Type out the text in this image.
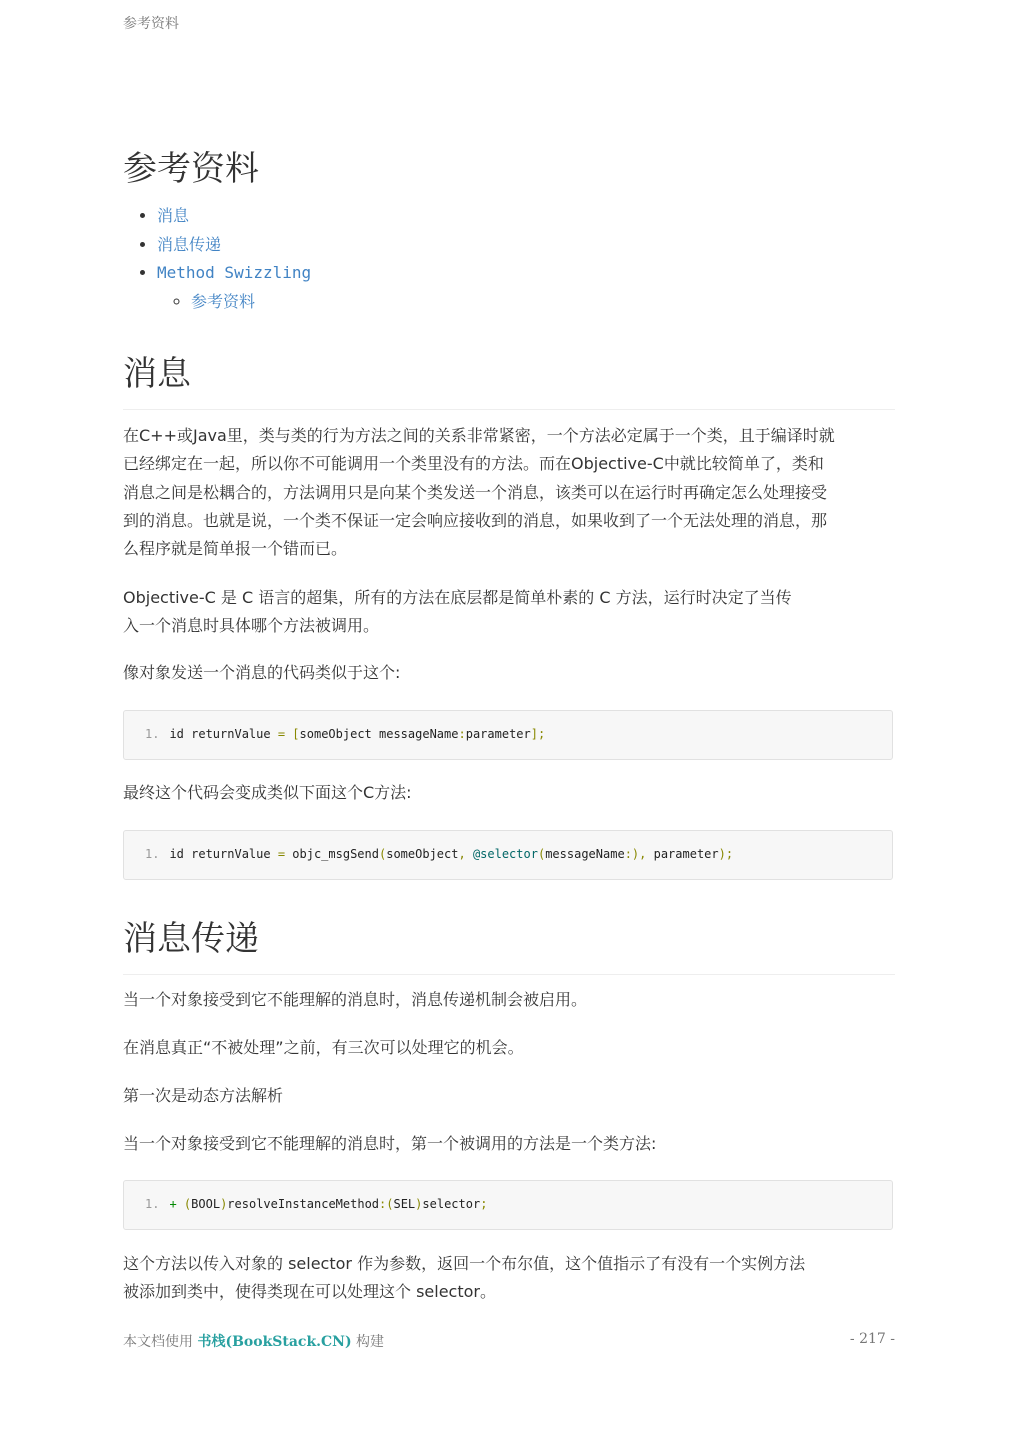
参考资料
参考资料
• 消息
• 消息传递
• Method Swizzling
◦ 参考资料
消息

在C++或Java里，类与类的行为方法之间的关系非常紧密，一个方法必定属于一个类，且于编译时就
已经绑定在一起，所以你不可能调用一个类里没有的方法。而在Objective-C中就比较简单了，类和
消息之间是松耦合的，方法调用只是向某个类发送一个消息，该类可以在运行时再确定怎么处理接受
到的消息。也就是说，一个类不保证一定会响应接收到的消息，如果收到了一个无法处理的消息，那
么程序就是简单报一个错而已。

Objective-C 是 C 语言的超集，所有的方法在底层都是简单朴素的 C 方法，运行时决定了当传
入一个消息时具体哪个方法被调用。

像对象发送一个消息的代码类似于这个:

1. id returnValue = [someObject messageName:parameter];

最终这个代码会变成类似下面这个C方法:

1. id returnValue = objc_msgSend(someObject, @selector(messageName:), parameter);
消息传递

当一个对象接受到它不能理解的消息时，消息传递机制会被启用。

在消息真正“不被处理”之前，有三次可以处理它的机会。

第一次是动态方法解析

当一个对象接受到它不能理解的消息时，第一个被调用的方法是一个类方法:

1. + (BOOL)resolveInstanceMethod:(SEL)selector;

这个方法以传入对象的 selector 作为参数，返回一个布尔值，这个值指示了有没有一个实例方法
被添加到类中，使得类现在可以处理这个 selector。

本文档使用 书栈(BookStack.CN) 构建	- 217 -
